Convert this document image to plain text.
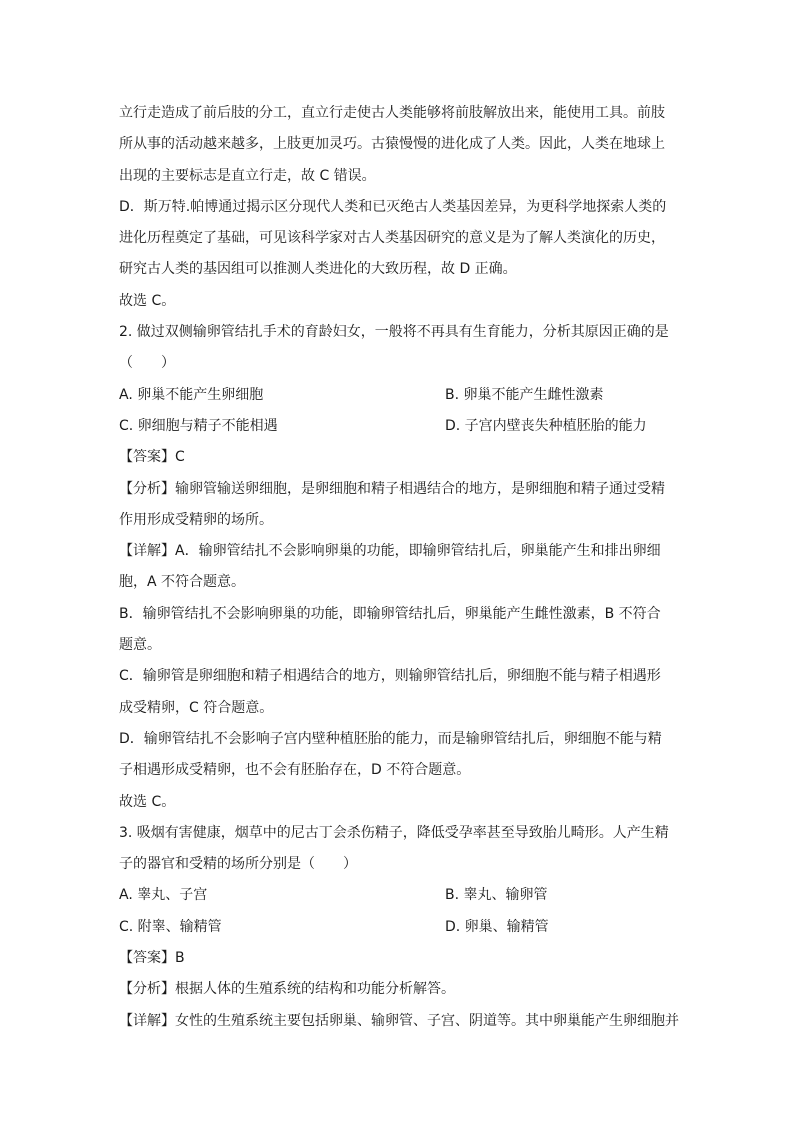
立行走造成了前后肢的分工，直立行走使古人类能够将前肢解放出来，能使用工具。前肢
所从事的活动越来越多，上肢更加灵巧。古猿慢慢的进化成了人类。因此，人类在地球上
出现的主要标志是直立行走，故 C 错误。
D．斯万特.帕博通过揭示区分现代人类和已灭绝古人类基因差异，为更科学地探索人类的
进化历程奠定了基础，可见该科学家对古人类基因研究的意义是为了解人类演化的历史，
研究古人类的基因组可以推测人类进化的大致历程，故 D 正确。
故选 C。
2. 做过双侧输卵管结扎手术的育龄妇女，一般将不再具有生育能力，分析其原因正确的是
（　　）
A. 卵巢不能产生卵细胞	B. 卵巢不能产生雌性激素
C. 卵细胞与精子不能相遇	D. 子宫内壁丧失种植胚胎的能力
【答案】C
【分析】输卵管输送卵细胞，是卵细胞和精子相遇结合的地方，是卵细胞和精子通过受精
作用形成受精卵的场所。
【详解】A．输卵管结扎不会影响卵巢的功能，即输卵管结扎后，卵巢能产生和排出卵细
胞，A 不符合题意。
B．输卵管结扎不会影响卵巢的功能，即输卵管结扎后，卵巢能产生雌性激素，B 不符合
题意。
C．输卵管是卵细胞和精子相遇结合的地方，则输卵管结扎后，卵细胞不能与精子相遇形
成受精卵，C 符合题意。
D．输卵管结扎不会影响子宫内壁种植胚胎的能力，而是输卵管结扎后，卵细胞不能与精
子相遇形成受精卵，也不会有胚胎存在，D 不符合题意。
故选 C。
3. 吸烟有害健康，烟草中的尼古丁会杀伤精子，降低受孕率甚至导致胎儿畸形。人产生精
子的器官和受精的场所分别是（　　）
A. 睾丸、子宫	B. 睾丸、输卵管
C. 附睾、输精管	D. 卵巢、输精管
【答案】B
【分析】根据人体的生殖系统的结构和功能分析解答。
【详解】女性的生殖系统主要包括卵巢、输卵管、子宫、阴道等。其中卵巢能产生卵细胞并
